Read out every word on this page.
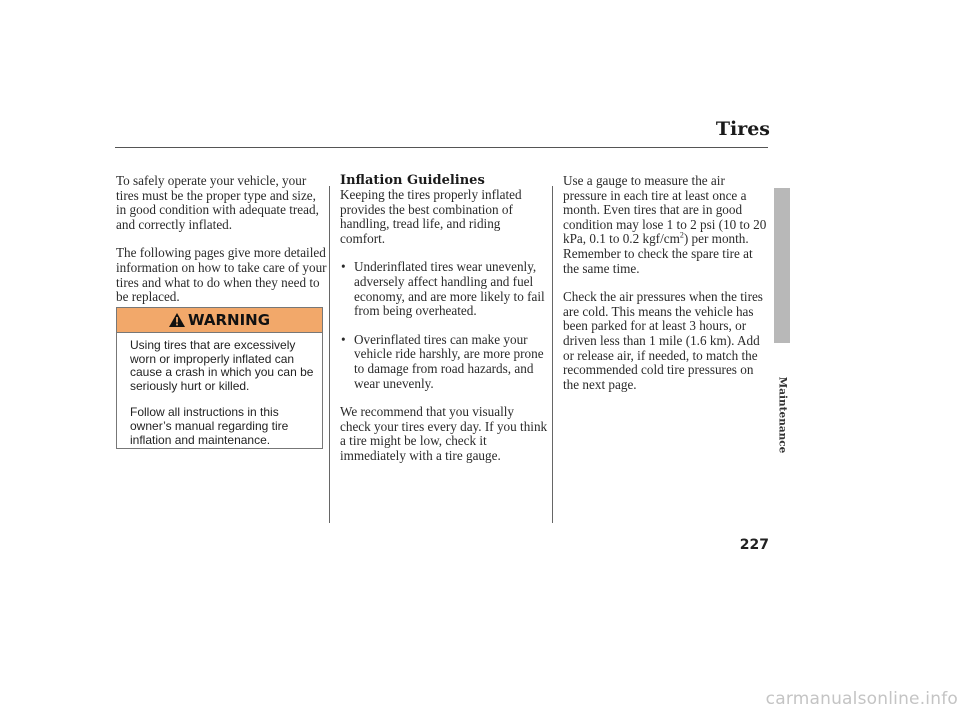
Tires

To safely operate your vehicle, your tires must be the proper type and size, in good condition with adequate tread, and correctly inflated.

The following pages give more detailed information on how to take care of your tires and what to do when they need to be replaced.

WARNING

Using tires that are excessively worn or improperly inflated can cause a crash in which you can be seriously hurt or killed.

Follow all instructions in this owner’s manual regarding tire inflation and maintenance.

Inflation Guidelines

Keeping the tires properly inflated provides the best combination of handling, tread life, and riding comfort.

• Underinflated tires wear unevenly, adversely affect handling and fuel economy, and are more likely to fail from being overheated.
• Overinflated tires can make your vehicle ride harshly, are more prone to damage from road hazards, and wear unevenly.

We recommend that you visually check your tires every day. If you think a tire might be low, check it immediately with a tire gauge.

Use a gauge to measure the air pressure in each tire at least once a month. Even tires that are in good condition may lose 1 to 2 psi (10 to 20 kPa, 0.1 to 0.2 kgf/$cm^2$) per month. Remember to check the spare tire at the same time.

Check the air pressures when the tires are cold. This means the vehicle has been parked for at least 3 hours, or driven less than 1 mile (1.6 km). Add or release air, if needed, to match the recommended cold tire pressures on the next page.	Maintenance
227
carmanualsonline.info
